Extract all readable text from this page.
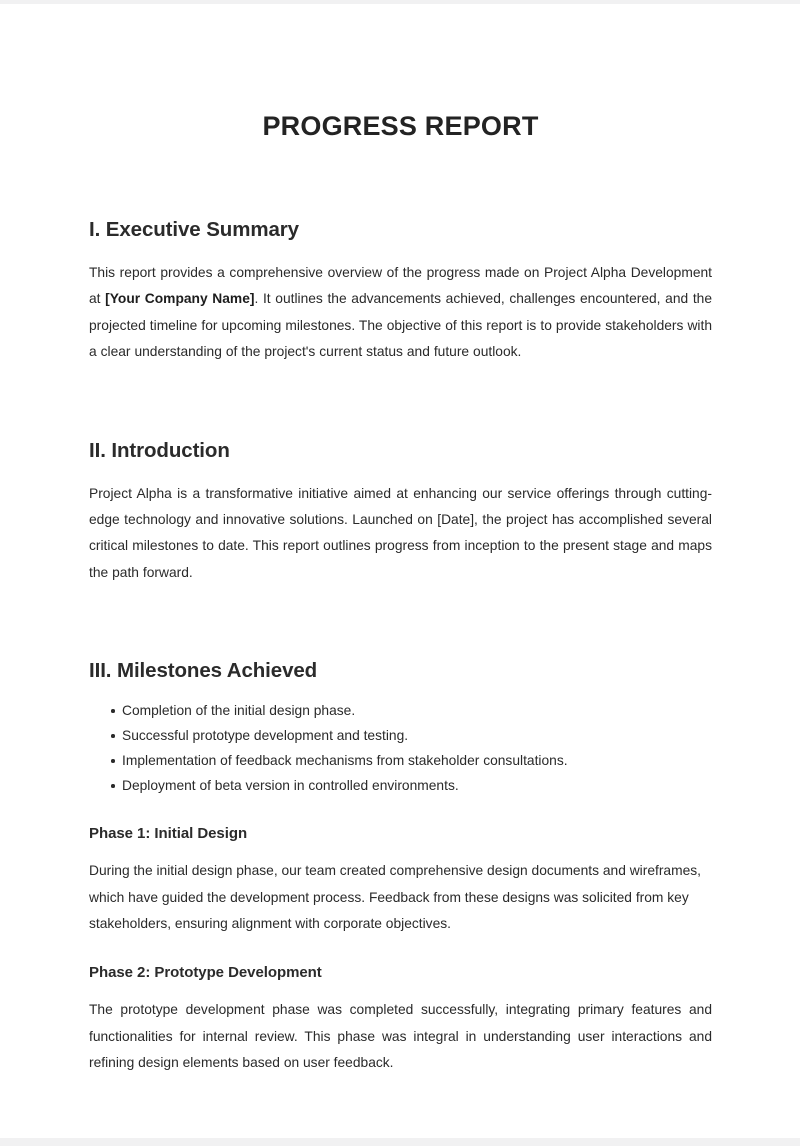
PROGRESS REPORT
I. Executive Summary

This report provides a comprehensive overview of the progress made on Project Alpha Development at [Your Company Name]. It outlines the advancements achieved, challenges encountered, and the projected timeline for upcoming milestones. The objective of this report is to provide stakeholders with a clear understanding of the project's current status and future outlook.

II. Introduction

Project Alpha is a transformative initiative aimed at enhancing our service offerings through cutting-edge technology and innovative solutions. Launched on [Date], the project has accomplished several critical milestones to date. This report outlines progress from inception to the present stage and maps the path forward.

III. Milestones Achieved
Completion of the initial design phase.
Successful prototype development and testing.
Implementation of feedback mechanisms from stakeholder consultations.
Deployment of beta version in controlled environments.
Phase 1: Initial Design

During the initial design phase, our team created comprehensive design documents and wireframes, which have guided the development process. Feedback from these designs was solicited from key stakeholders, ensuring alignment with corporate objectives.

Phase 2: Prototype Development

The prototype development phase was completed successfully, integrating primary features and functionalities for internal review. This phase was integral in understanding user interactions and refining design elements based on user feedback.
